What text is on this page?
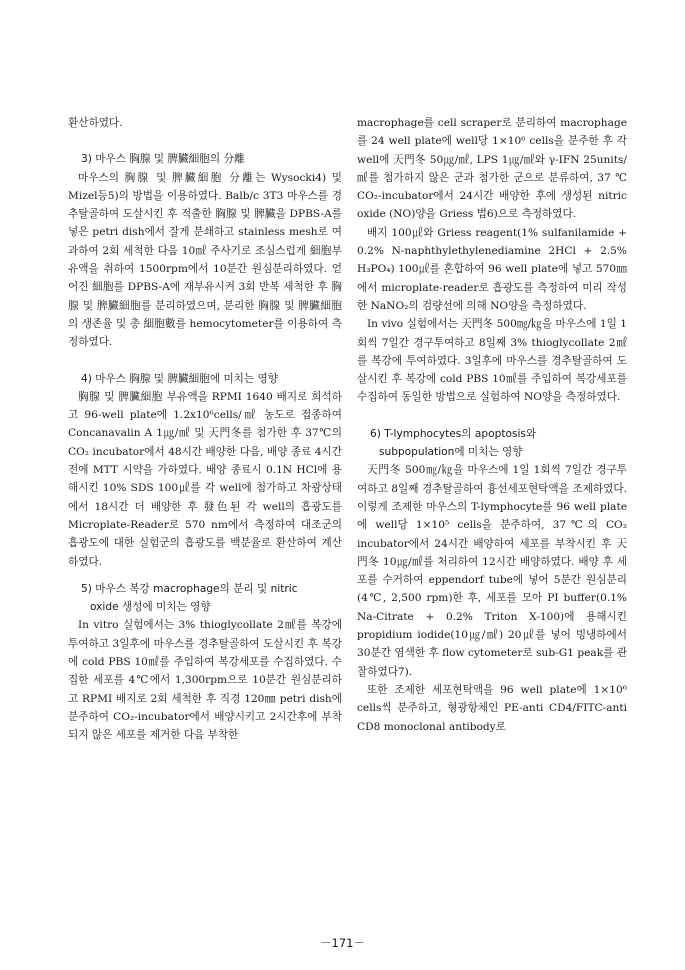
환산하였다.

3) 마우스 胸腺 및 脾臟細胞의 分離

마우스의 胸腺 및 脾臟細胞 分離는 Wysocki4) 및 Mizel등5)의 방법을 이용하였다. Balb/c 3T3 마우스를 경추탈골하여 도살시킨 후 적출한 胸腺 및 脾臟을 DPBS-A를 넣은 petri dish에서 잘게 분쇄하고 stainless mesh로 여과하여 2회 세척한 다음 10㎖ 주사기로 조심스럽게 細胞부유액을 취하여 1500rpm에서 10분간 원심분리하였다. 얻어진 細胞를 DPBS-A에 재부유시켜 3회 반복 세척한 후 胸腺 및 脾臟細胞를 분리하였으며, 분리한 胸腺 및 脾臟細胞의 생존율 및 총 細胞數를 hemocytometer를 이용하여 측정하였다.

4) 마우스 胸腺 및 脾臟細胞에 미치는 영향

胸腺 및 脾臟細胞 부유액을 RPMI 1640 배지로 희석하고 96-well plate에 1.2x10⁶cells/㎖ 농도로 접종하여 Concanavalin A 1㎍/㎖ 및 天門冬를 첨가한 후 37℃의 CO₂ incubator에서 48시간 배양한 다음, 배양 종료 4시간 전에 MTT 시약을 가하였다. 배양 종료시 0.1N HCl에 용해시킨 10% SDS 100㎕를 각 well에 첨가하고 차광상태에서 18시간 더 배양한 후 發色된 각 well의 흡광도를 Microplate-Reader로 570 nm에서 측정하여 대조군의 흡광도에 대한 실험군의 흡광도를 백분율로 환산하여 계산하였다.

5) 마우스 복강 macrophage의 분리 및 nitric
oxide 생성에 미치는 영향

In vitro 실험에서는 3% thioglycollate 2㎖를 복강에 투여하고 3일후에 마우스를 경추탈골하여 도살시킨 후 복강에 cold PBS 10㎖를 주입하여 복강세포를 수집하였다. 수집한 세포를 4℃에서 1,300rpm으로 10분간 원심분리하고 RPMI 배지로 2회 세척한 후 직경 120㎜ petri dish에 분주하여 CO₂-incubator에서 배양시키고 2시간후에 부착되지 않은 세포를 제거한 다음 부착한

macrophage를 cell scraper로 분리하여 macrophage를 24 well plate에 well당 1×10⁶ cells을 분주한 후 각 well에 天門冬 50㎍/㎖, LPS 1㎍/㎖와 γ-IFN 25units/㎖를 첨가하지 않은 군과 첨가한 군으로 분류하여, 37 ℃ CO₂-incubator에서 24시간 배양한 후에 생성된 nitric oxide (NO)양을 Griess 법6)으로 측정하였다.

배지 100㎕와 Griess reagent(1% sulfanilamide + 0.2% N-naphthylethylenediamine 2HCl + 2.5% H₃PO₄) 100㎕를 혼합하여 96 well plate에 넣고 570㎚에서 microplate-reader로 흡광도를 측정하여 미리 작성한 NaNO₂의 검량선에 의해 NO양을 측정하였다.

In vivo 실험에서는 天門冬 500㎎/㎏을 마우스에 1일 1회씩 7일간 경구투여하고 8일째 3% thioglycollate 2㎖를 복강에 투여하였다. 3일후에 마우스를 경추탈골하여 도살시킨 후 복강에 cold PBS 10㎖를 주입하여 복강세포를 수집하여 동일한 방법으로 실험하여 NO양을 측정하였다.

6) T-lymphocytes의 apoptosis와
subpopulation에 미치는 영향

天門冬 500㎎/㎏을 마우스에 1일 1회씩 7일간 경구투여하고 8일째 경추탈골하여 흉선세포현탁액을 조제하였다. 이렇게 조제한 마우스의 T-lymphocyte를 96 well plate에 well당 1×10⁵ cells을 분주하여, 37℃의 CO₂ incubator에서 24시간 배양하여 세포를 부착시킨 후 天門冬 10㎍/㎖를 처리하여 12시간 배양하였다. 배양 후 세포를 수거하여 eppendorf tube에 넣어 5분간 원심분리(4℃, 2,500 rpm)한 후, 세포를 모아 PI buffer(0.1% Na-Citrate + 0.2% Triton X-100)에 용해시킨 propidium iodide(10㎍/㎖) 20㎕를 넣어 빙냉하에서 30분간 염색한 후 flow cytometer로 sub-G1 peak를 관찰하였다7).

또한 조제한 세포현탁액을 96 well plate에 1×10⁶ cells씩 분주하고, 형광항체인 PE-anti CD4/FITC-anti CD8 monoclonal antibody로

－171－
